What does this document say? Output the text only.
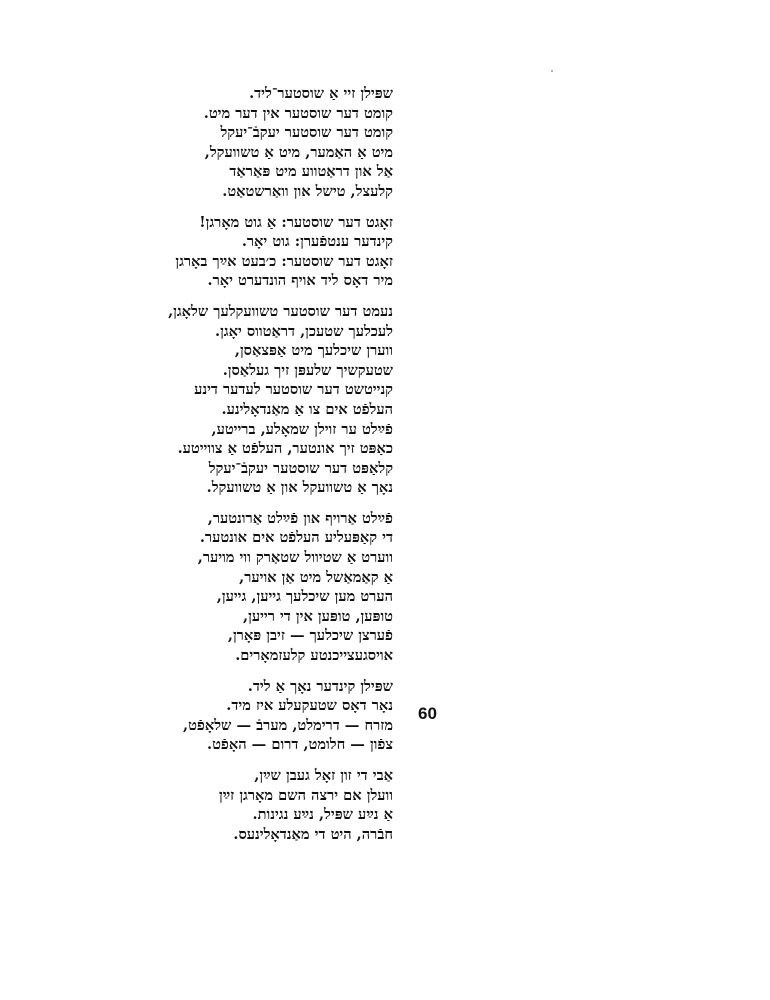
שפּילן זיי אַ שוסטער־ליד.
קומט דער שוסטער אין דער מיט.
קומט דער שוסטער יעקבֿ־יעקל
מיט אַ האַמער, מיט אַ טשוועקל,
אַל און דראַטווע מיט פּאַראַד
קלעצל, טישל און וואַרשטאַט.
זאָגט דער שוסטער: אַ גוט מאָרגן!
קינדער ענטפֿערן: גוט יאָר.
זאָגט דער שוסטער: כ׳בעט אײַך באָרגן
מיר דאָס ליד אויף הונדערט יאָר.
נעמט דער שוסטער טשוועקלעך שלאָגן,
לעכלעך שטעכן, דראַטווס יאָגן.
ווערן שיכלעך מיט אַפּצאַסן,
שטעקשיך שלעפּן זיך געלאַסן.
קנייטשט דער שוסטער לעדער דינע
העלפֿט אים צו אַ מאַנדאָלינע.
פֿײַלט ער זוילן שמאָלע, ברייטע,
כאַפּט זיך אונטער, העלפֿט אַ צווייטע.
קלאַפּט דער שוסטער יעקבֿ־יעקל
נאָך אַ טשוועקל און אַ טשוועקל.
פֿײַלט אַרויף און פֿײַלט אַרונטער,
די קאַפּעליע העלפֿט אים אונטער.
ווערט אַ שטיוול שטאַרק ווי מויער,
אַ קאַמאַשל מיט אַן אויער,
הערט מען שיכלעך גייען, גייען,
טופּען, טופּען אין די רייען,
פֿערצן שיכלעך — זיבן פּאָרן,
אויסגעצייכנטע קלעזמאָרים.
שפּילן קינדער נאָך אַ ליד.
נאָר דאָס שטעקעלע איז מיד.
מזרח — דרימלט, מערבֿ — שלאָפֿט,
צפֿון — חלומט, דרום — האָפֿט.
אַבי די זון זאָל געבן שײַן,
וועלן אם ירצה השם מאָרגן זײַן
אַ נײַע שפּיל, נײַע נגינות.
חבֿרה, היט די מאַנדאָלינעס.
60
